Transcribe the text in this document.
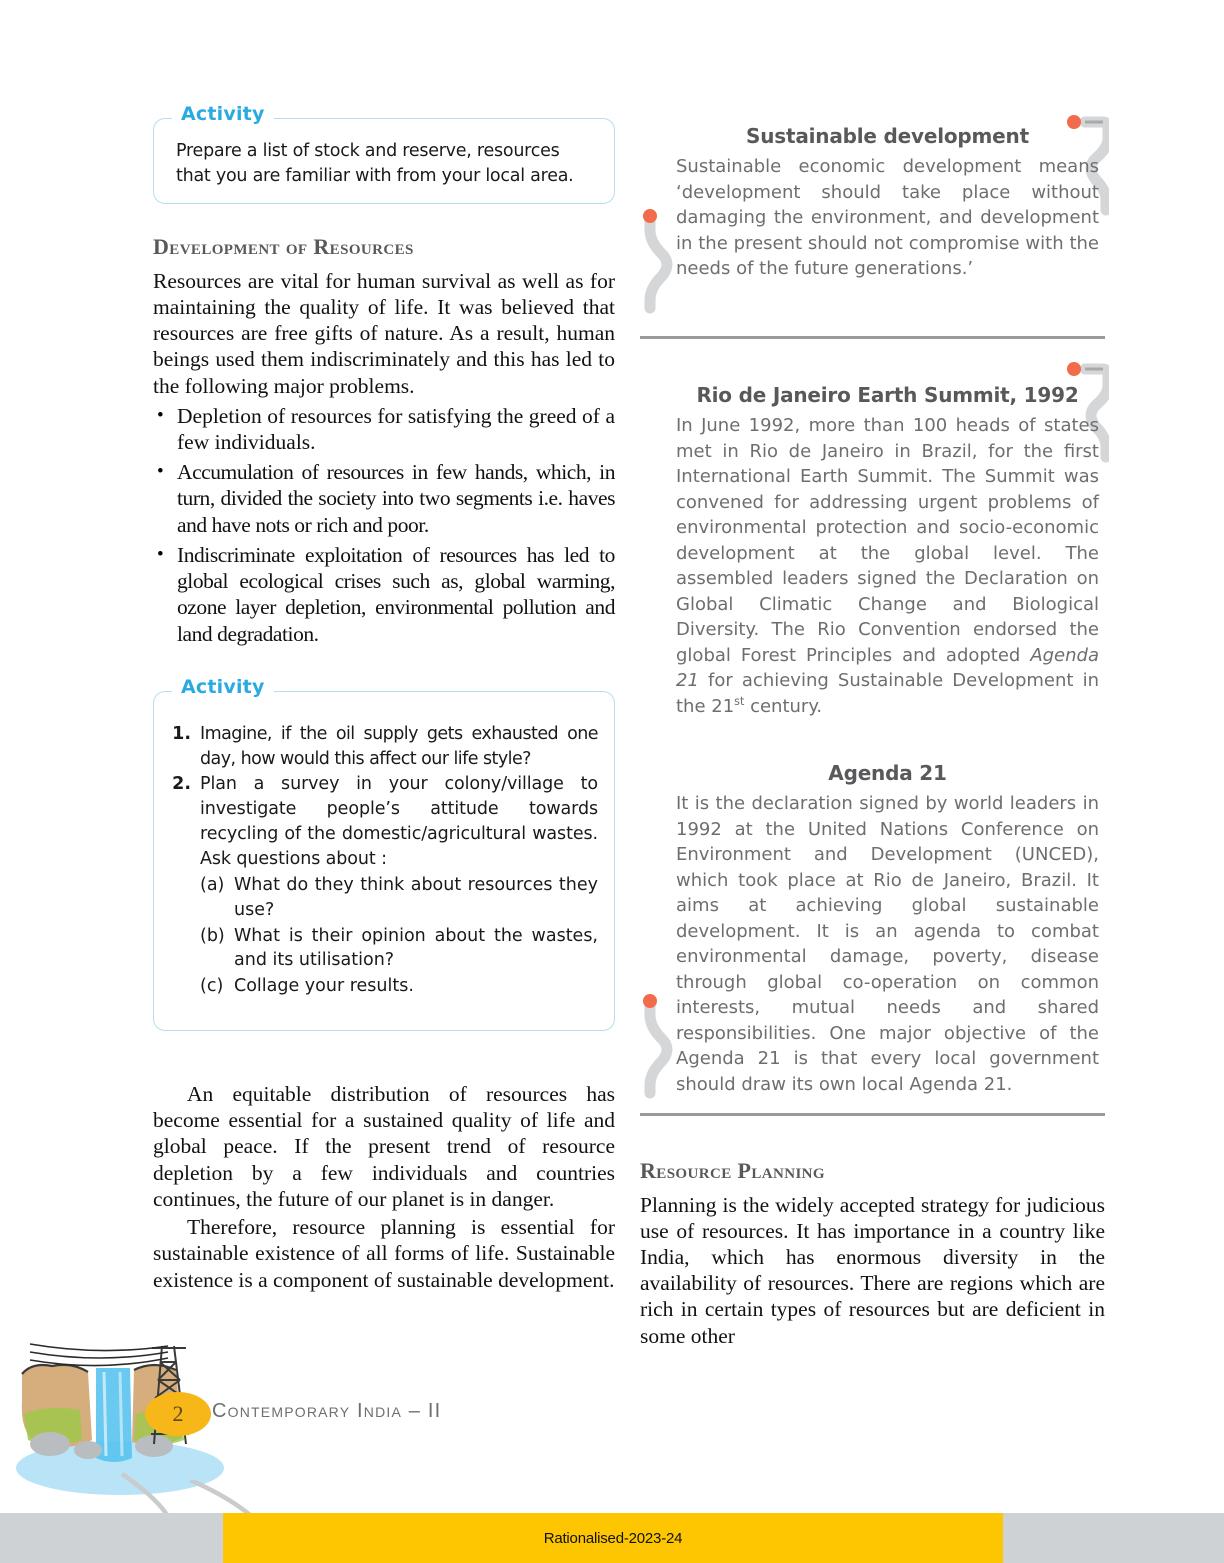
Activity

Prepare a list of stock and reserve, resources that you are familiar with from your local area.

Development of Resources

Resources are vital for human survival as well as for maintaining the quality of life. It was believed that resources are free gifts of nature. As a result, human beings used them indiscriminately and this has led to the following major problems.

• Depletion of resources for satisfying the greed of a few individuals.
• Accumulation of resources in few hands, which, in turn, divided the society into two segments i.e. haves and have nots or rich and poor.
• Indiscriminate exploitation of resources has led to global ecological crises such as, global warming, ozone layer depletion, environmental pollution and land degradation.
Activity
1. Imagine, if the oil supply gets exhausted one day, how would this affect our life style?
2. Plan a survey in your colony/village to investigate people’s attitude towards recycling of the domestic/agricultural wastes. Ask questions about :
(a) What do they think about resources they use?
(b) What is their opinion about the wastes, and its utilisation?
(c) Collage your results.

An equitable distribution of resources has become essential for a sustained quality of life and global peace. If the present trend of resource depletion by a few individuals and countries continues, the future of our planet is in danger.

Therefore, resource planning is essential for sustainable existence of all forms of life. Sustainable existence is a component of sustainable development.

Sustainable development
Sustainable economic development means ‘development should take place without damaging the environment, and development in the present should not compromise with the needs of the future generations.’
Rio de Janeiro Earth Summit, 1992
In June 1992, more than 100 heads of states met in Rio de Janeiro in Brazil, for the first International Earth Summit. The Summit was convened for addressing urgent problems of environmental protection and socio-economic development at the global level. The assembled leaders signed the Declaration on Global Climatic Change and Biological Diversity. The Rio Convention endorsed the global Forest Principles and adopted Agenda 21 for achieving Sustainable Development in the 21st century.
Agenda 21
It is the declaration signed by world leaders in 1992 at the United Nations Conference on Environment and Development (UNCED), which took place at Rio de Janeiro, Brazil. It aims at achieving global sustainable development. It is an agenda to combat environmental damage, poverty, disease through global co-operation on common interests, mutual needs and shared responsibilities. One major objective of the Agenda 21 is that every local government should draw its own local Agenda 21.
Resource Planning

Planning is the widely accepted strategy for judicious use of resources. It has importance in a country like India, which has enormous diversity in the availability of resources. There are regions which are rich in certain types of resources but are deficient in some other

2 Contemporary India – II
Rationalised-2023-24
